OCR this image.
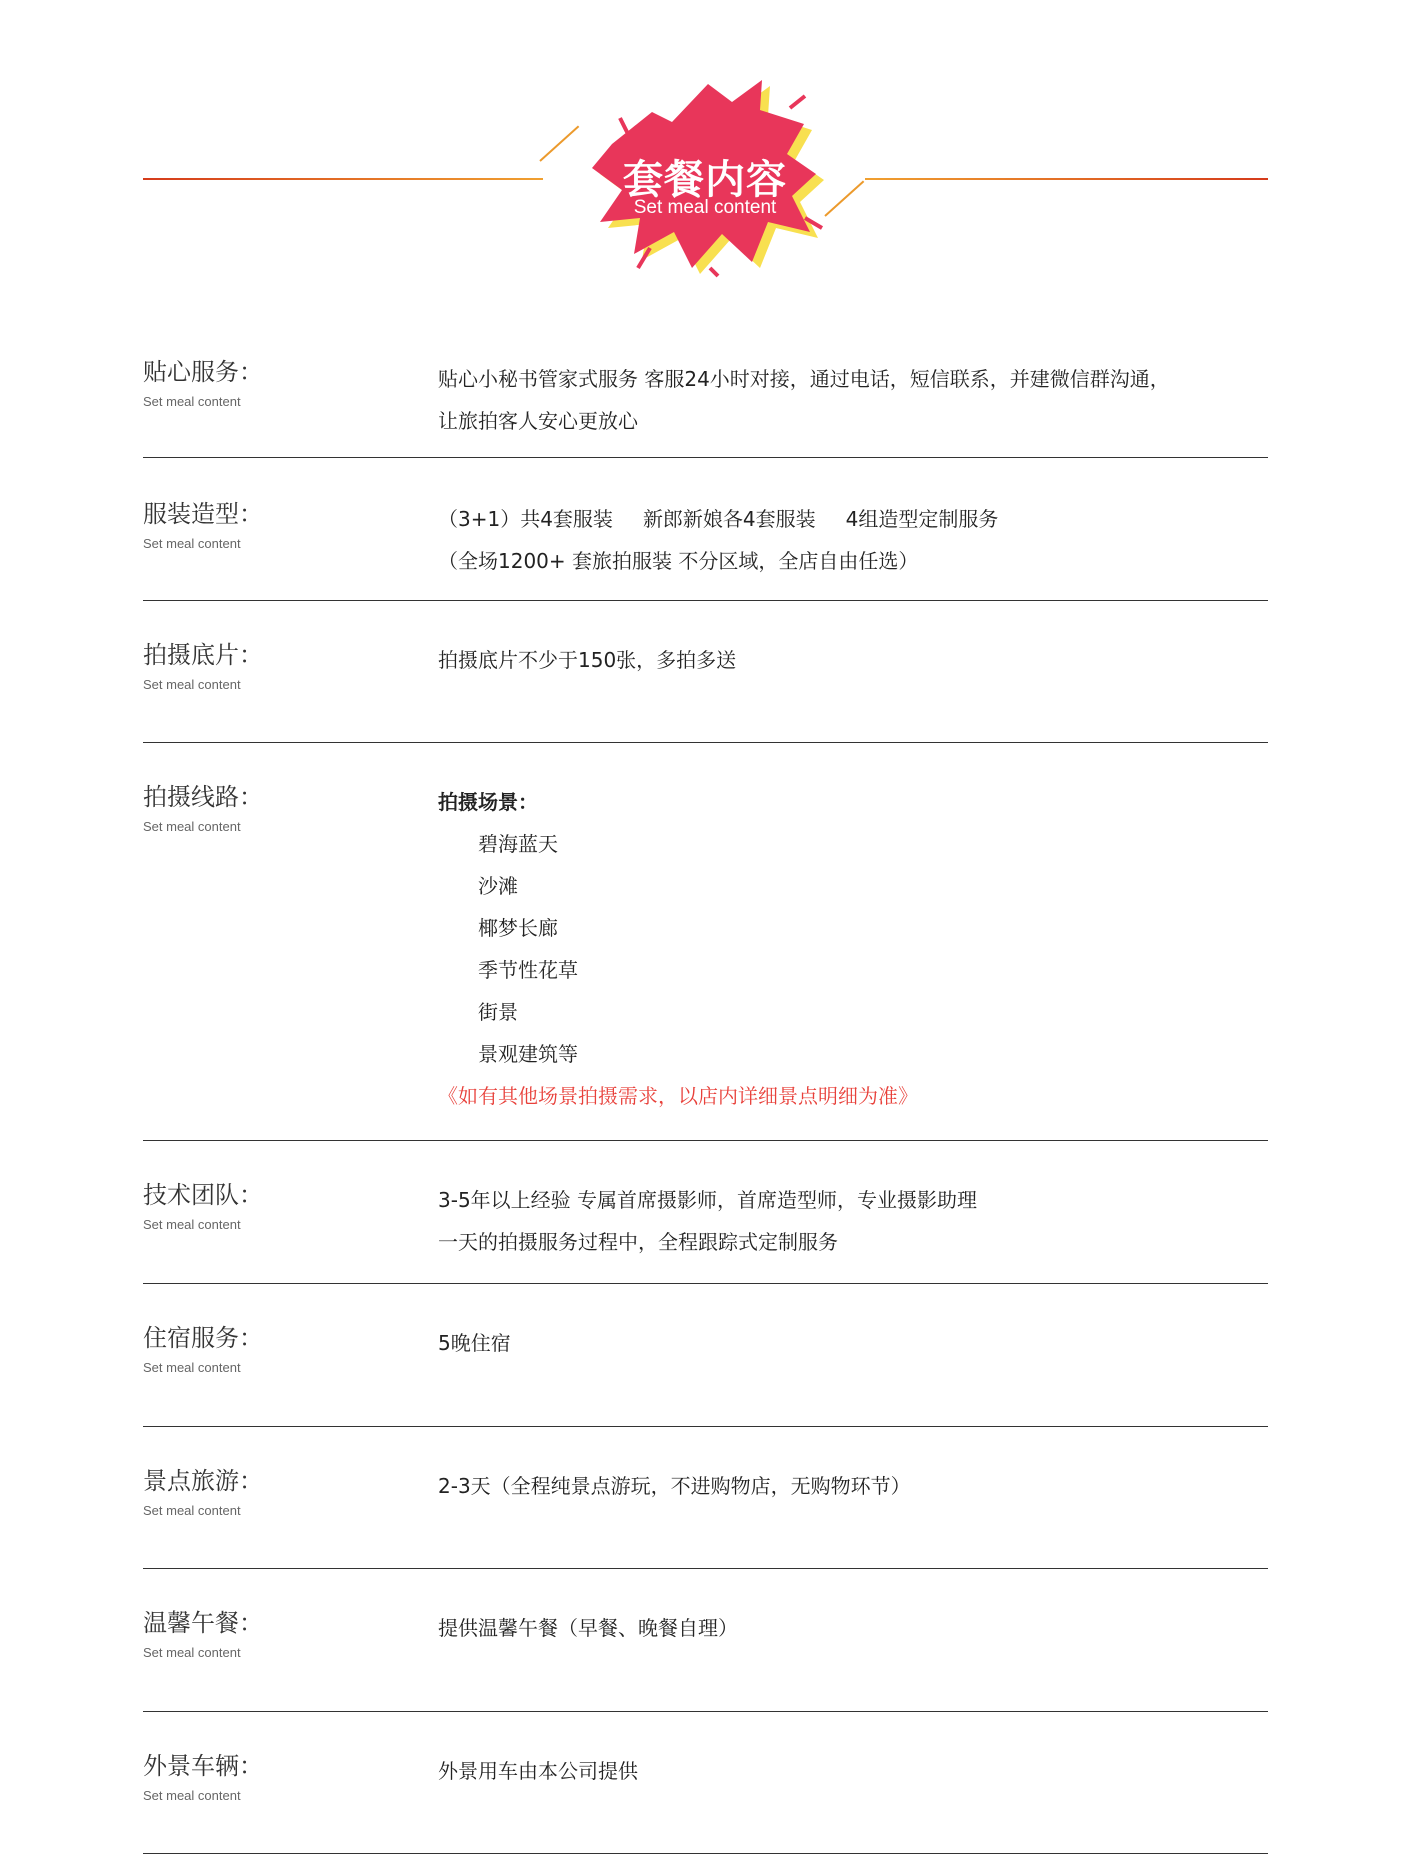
套餐内容
Set meal content
贴心服务：
Set meal content

贴心小秘书管家式服务 客服24小时对接，通过电话，短信联系，并建微信群沟通，

让旅拍客人安心更放心

服装造型：
Set meal content

（3+1）共4套服装 新郎新娘各4套服装 4组造型定制服务

（全场1200+ 套旅拍服装 不分区域，全店自由任选）

拍摄底片：
Set meal content

拍摄底片不少于150张，多拍多送

拍摄线路：
Set meal content

拍摄场景：

碧海蓝天

沙滩

椰梦长廊

季节性花草

街景

景观建筑等

《如有其他场景拍摄需求，以店内详细景点明细为准》

技术团队：
Set meal content

3-5年以上经验 专属首席摄影师，首席造型师，专业摄影助理

一天的拍摄服务过程中，全程跟踪式定制服务

住宿服务：
Set meal content

5晚住宿

景点旅游：
Set meal content

2-3天（全程纯景点游玩，不进购物店，无购物环节）

温馨午餐：
Set meal content

提供温馨午餐（早餐、晚餐自理）

外景车辆：
Set meal content

外景用车由本公司提供
